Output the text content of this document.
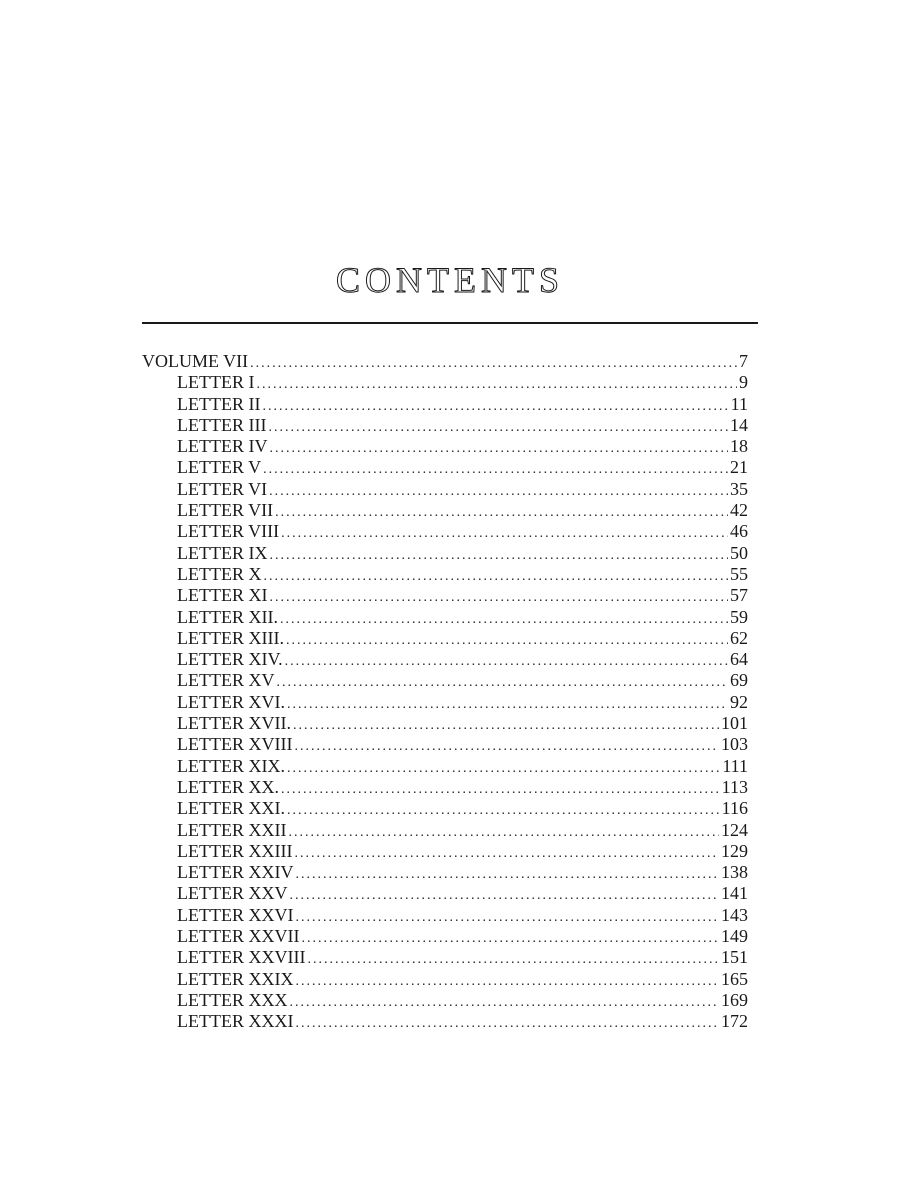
CONTENTS
VOLUME VII .....	7
LETTER I .....	9
LETTER II .....	11
LETTER III .....	14
LETTER IV .....	18
LETTER V .....	21
LETTER VI .....	35
LETTER VII .....	42
LETTER VIII .....	46
LETTER IX .....	50
LETTER X .....	55
LETTER XI .....	57
LETTER XII. .....	59
LETTER XIII. .....	62
LETTER XIV. .....	64
LETTER XV .....	69
LETTER XVI. .....	92
LETTER XVII. .....	101
LETTER XVIII .....	103
LETTER XIX. .....	111
LETTER XX. .....	113
LETTER XXI. .....	116
LETTER XXII .....	124
LETTER XXIII .....	129
LETTER XXIV .....	138
LETTER XXV .....	141
LETTER XXVI .....	143
LETTER XXVII .....	149
LETTER XXVIII .....	151
LETTER XXIX .....	165
LETTER XXX .....	169
LETTER XXXI .....	172
